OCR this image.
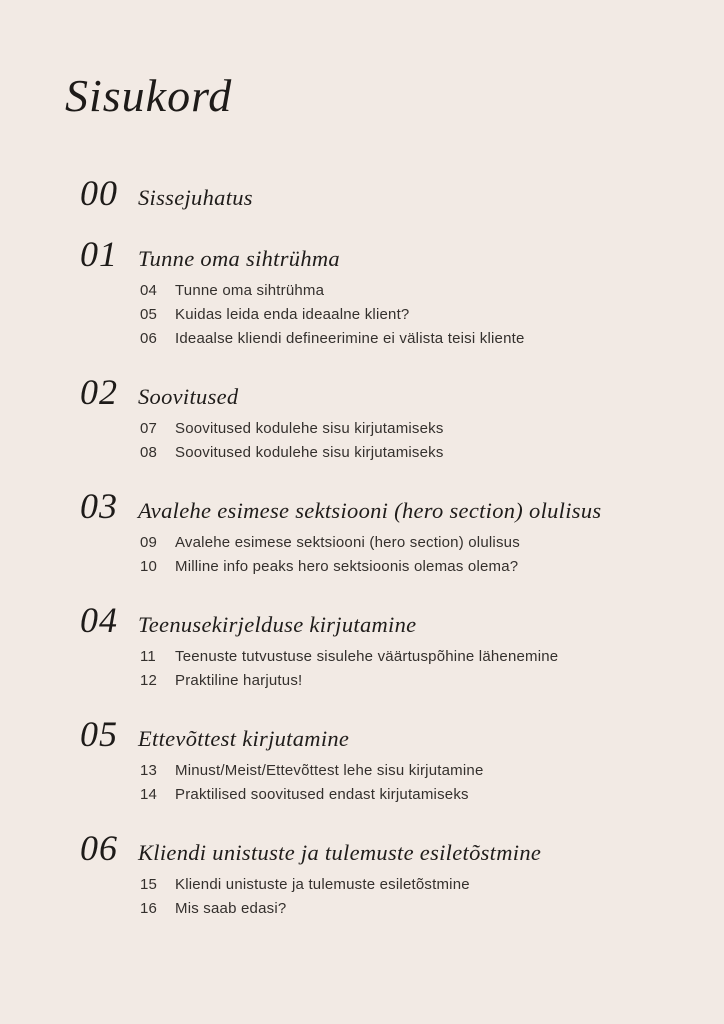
Sisukord
00 Sissejuhatus
01 Tunne oma sihtrühma
04	Tunne oma sihtrühma
05	Kuidas leida enda ideaalne klient?
06	Ideaalse kliendi defineerimine ei välista teisi kliente
02 Soovitused
07	Soovitused kodulehe sisu kirjutamiseks
08	Soovitused kodulehe sisu kirjutamiseks
03 Avalehe esimese sektsiooni (hero section) olulisus
09	Avalehe esimese sektsiooni (hero section) olulisus
10	Milline info peaks hero sektsioonis olemas olema?
04 Teenusekirjelduse kirjutamine
11	Teenuste tutvustuse sisulehe väärtuspõhine lähenemine
12	Praktiline harjutus!
05 Ettevõttest kirjutamine
13	Minust/Meist/Ettevõttest lehe sisu kirjutamine
14	Praktilised soovitused endast kirjutamiseks
06 Kliendi unistuste ja tulemuste esiletõstmine
15	Kliendi unistuste ja tulemuste esiletõstmine
16	Mis saab edasi?
